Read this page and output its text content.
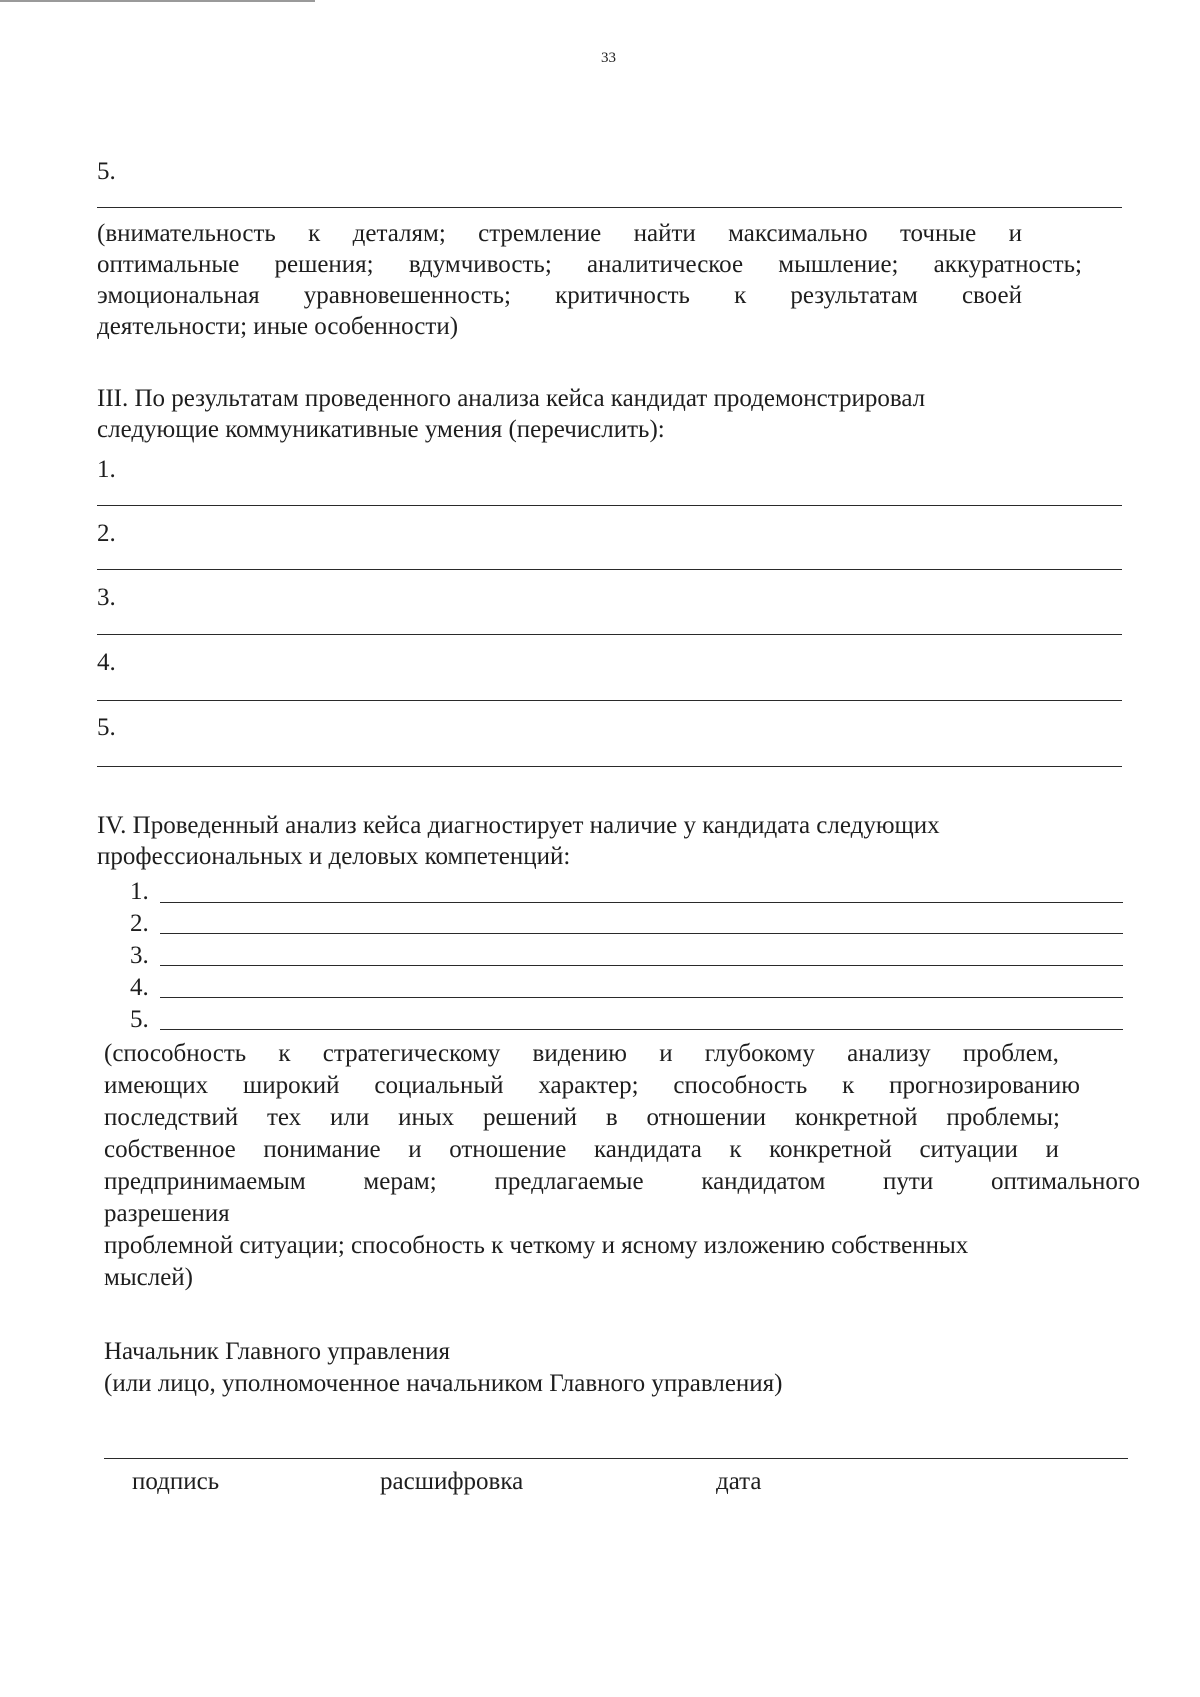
33
5.
(внимательность к деталям; стремление найти максимально точные и
оптимальные решения; вдумчивость; аналитическое мышление; аккуратность;
эмоциональная уравновешенность; критичность к результатам своей
деятельности; иные особенности)
III. По результатам проведенного анализа кейса кандидат продемонстрировал
следующие коммуникативные умения (перечислить):
1.
2.
3.
4.
5.
IV. Проведенный анализ кейса диагностирует наличие у кандидата следующих
профессиональных и деловых компетенций:
1.
2.
3.
4.
5.
(способность к стратегическому видению и глубокому анализу проблем,
имеющих широкий социальный характер; способность к прогнозированию
последствий тех или иных решений в отношении конкретной проблемы;
собственное понимание и отношение кандидата к конкретной ситуации и
предпринимаемым мерам; предлагаемые кандидатом пути оптимального
разрешения
проблемной ситуации; способность к четкому и ясному изложению собственных
мыслей)
Начальник Главного управления
(или лицо, уполномоченное начальником Главного управления)
подпись	расшифровка	дата
